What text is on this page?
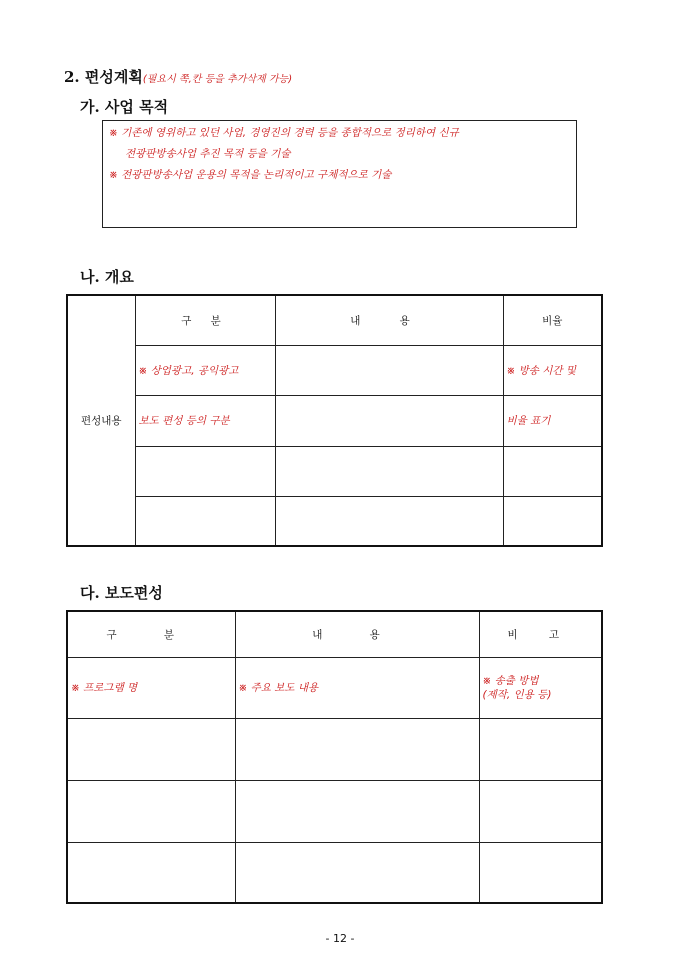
2. 편성계획(필요시 쪽,칸 등을 추가삭제 가능)
가. 사업 목적
※ 기존에 영위하고 있던 사업, 경영진의 경력 등을 종합적으로 정리하여 신규
전광판방송사업 추진 목적 등을 기술
※ 전광판방송사업 운용의 목적을 논리적이고 구체적으로 기술
나. 개요
편성내용	구 분	내 용	비율
	※ 상업광고, 공익광고		※ 방송 시간 및
	보도 편성 등의 구분		비율 표기

다. 보도편성
구 분	내 용	비 고
※ 프로그램 명	※ 주요 보도 내용	※ 송출 방법
(제작, 인용 등)

- 12 -
